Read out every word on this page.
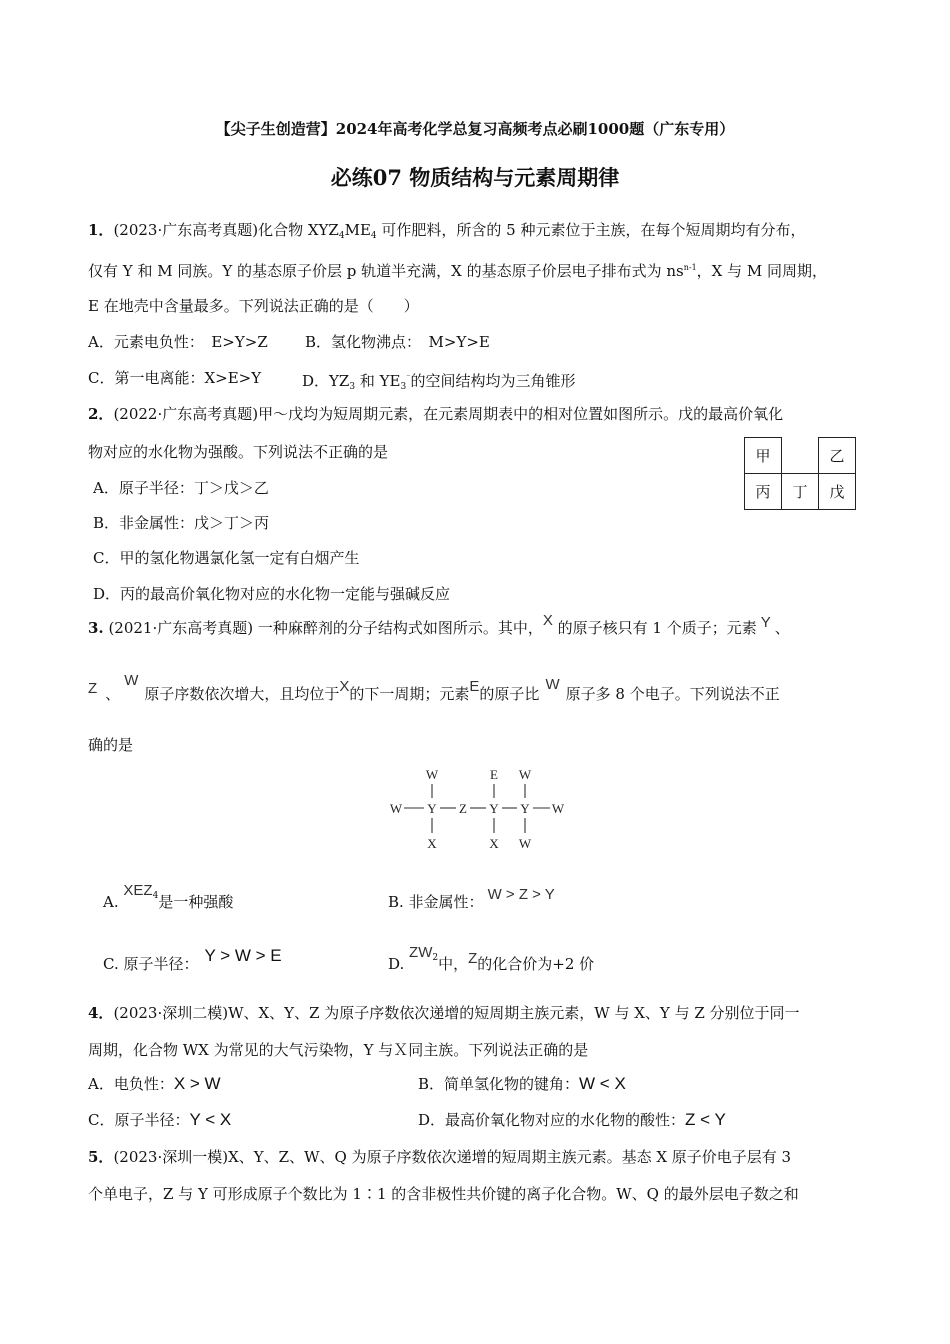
【尖子生创造营】2024年高考化学总复习高频考点必刷1000题（广东专用）
必练07 物质结构与元素周期律
1．(2023·广东高考真题)化合物 $XYZ_4ME_4$ 可作肥料，所含的 5 种元素位于主族，在每个短周期均有分布，
仅有 Y 和 M 同族。Y 的基态原子价层 p 轨道半充满，X 的基态原子价层电子排布式为 $ns^{n-1}$，X 与 M 同周期，
E 在地壳中含量最多。下列说法正确的是（　　）
A．元素电负性：　E>Y>Z B．氢化物沸点：　M>Y>E
C．第一电离能：X>E>Y	D．$YZ_3$ 和 $YE_3^{^-}$的空间结构均为三角锥形
2．(2022·广东高考真题)甲～戊均为短周期元素，在元素周期表中的相对位置如图所示。戊的最高价氧化
物对应的水化物为强酸。下列说法不正确的是
A．原子半径：丁＞戊＞乙
B．非金属性：戊＞丁＞丙
C．甲的氢化物遇氯化氢一定有白烟产生
D．丙的最高价氧化物对应的水化物一定能与强碱反应
甲		乙
丙	丁	戊
3. (2021·广东高考真题) 一种麻醉剂的分子结构式如图所示。其中，X 的原子核只有 1 个质子；元素 Y 、
Z 、W原子序数依次增大，且均位于X的下一周期；元素E的原子比W原子多 8 个电子。下列说法不正
确的是
W	E W
W Y Z Y Y W
X	X W
A. XEZ$^4$是一种强酸	B. 非金属性： W > Z > Y
C. 原子半径： Y > W > E	D. $ZW^2$中，Z的化合价为+2 价
4．(2023·深圳二模)W、X、Y、Z 为原子序数依次递增的短周期主族元素，W 与 X、Y 与 Z 分别位于同一
周期，化合物 WX 为常见的大气污染物，Y 与Ｘ同主族。下列说法正确的是
A．电负性：X > W	B．简单氢化物的键角：W < X
C．原子半径：Y < X	D．最高价氧化物对应的水化物的酸性：Z < Y
5．(2023·深圳一模)X、Y、Z、W、Q 为原子序数依次递增的短周期主族元素。基态 X 原子价电子层有 3
个单电子，Z 与 Y 可形成原子个数比为 1∶1 的含非极性共价键的离子化合物。W、Q 的最外层电子数之和
